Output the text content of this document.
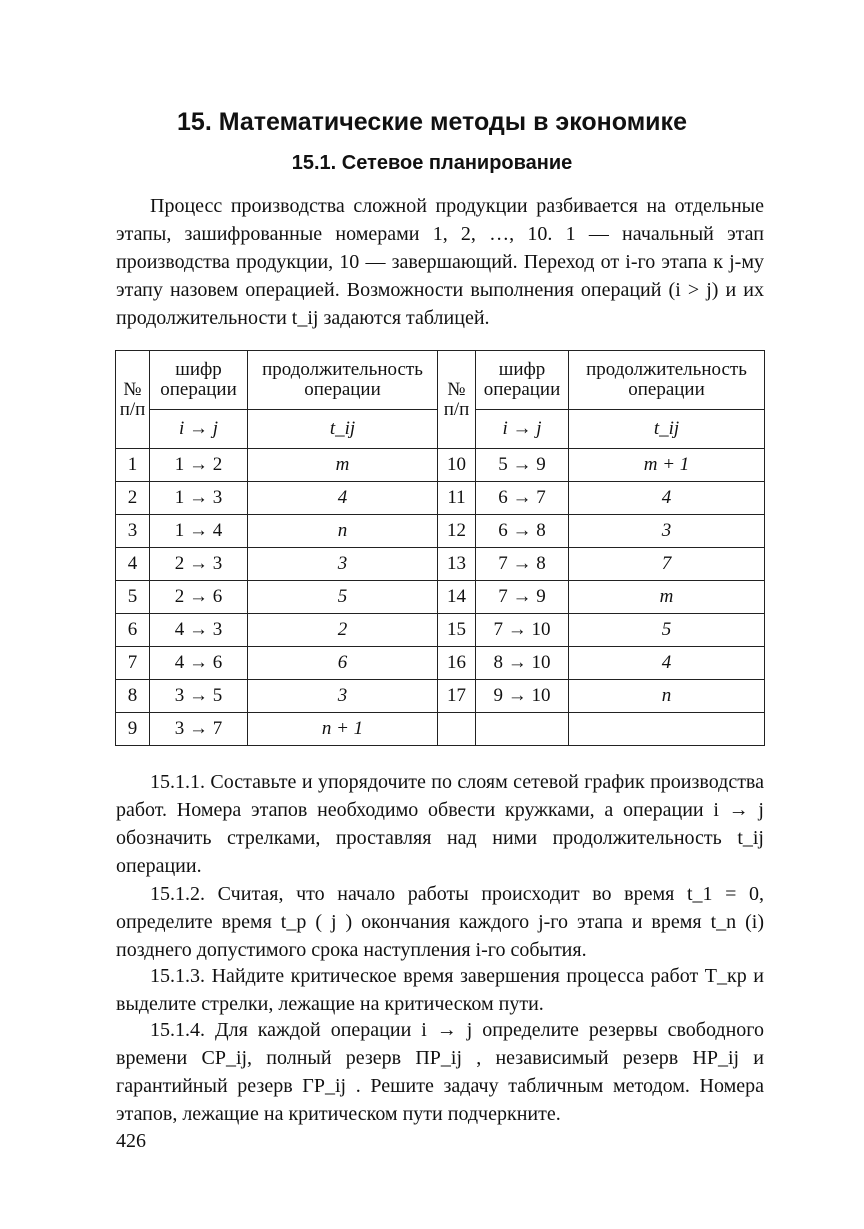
15. Математические методы в экономике
15.1. Сетевое планирование

Процесс производства сложной продукции разбивается на отдельные этапы, зашифрованные номерами 1, 2, …, 10. 1 — начальный этап производства продукции, 10 — завершающий. Переход от i-го этапа к j-му этапу назовем операцией. Возможности выполнения операций (i > j) и их продолжительности t_ij задаются таблицей.

№ п/п	шифр операции	продолжительность операции	№ п/п	шифр операции	продолжительность операции
	i → j	t_ij		i → j	t_ij
1	1 → 2	m	10	5 → 9	m + 1
2	1 → 3	4	11	6 → 7	4
3	1 → 4	n	12	6 → 8	3
4	2 → 3	3	13	7 → 8	7
5	2 → 6	5	14	7 → 9	m
6	4 → 3	2	15	7 → 10	5
7	4 → 6	6	16	8 → 10	4
8	3 → 5	3	17	9 → 10	n
9	3 → 7	n + 1			

15.1.1. Составьте и упорядочите по слоям сетевой график производства работ. Номера этапов необходимо обвести кружками, а операции i → j обозначить стрелками, проставляя над ними продолжительность t_ij операции.

15.1.2. Считая, что начало работы происходит во время t_1 = 0, определите время t_p ( j ) окончания каждого j-го этапа и время t_n (i) позднего допустимого срока наступления i-го события.

15.1.3. Найдите критическое время завершения процесса работ T_кр и выделите стрелки, лежащие на критическом пути.

15.1.4. Для каждой операции i → j определите резервы свободного времени СР_ij, полный резерв ПР_ij , независимый резерв НР_ij и гарантийный резерв ГР_ij . Решите задачу табличным методом. Номера этапов, лежащие на критическом пути подчеркните.

426
